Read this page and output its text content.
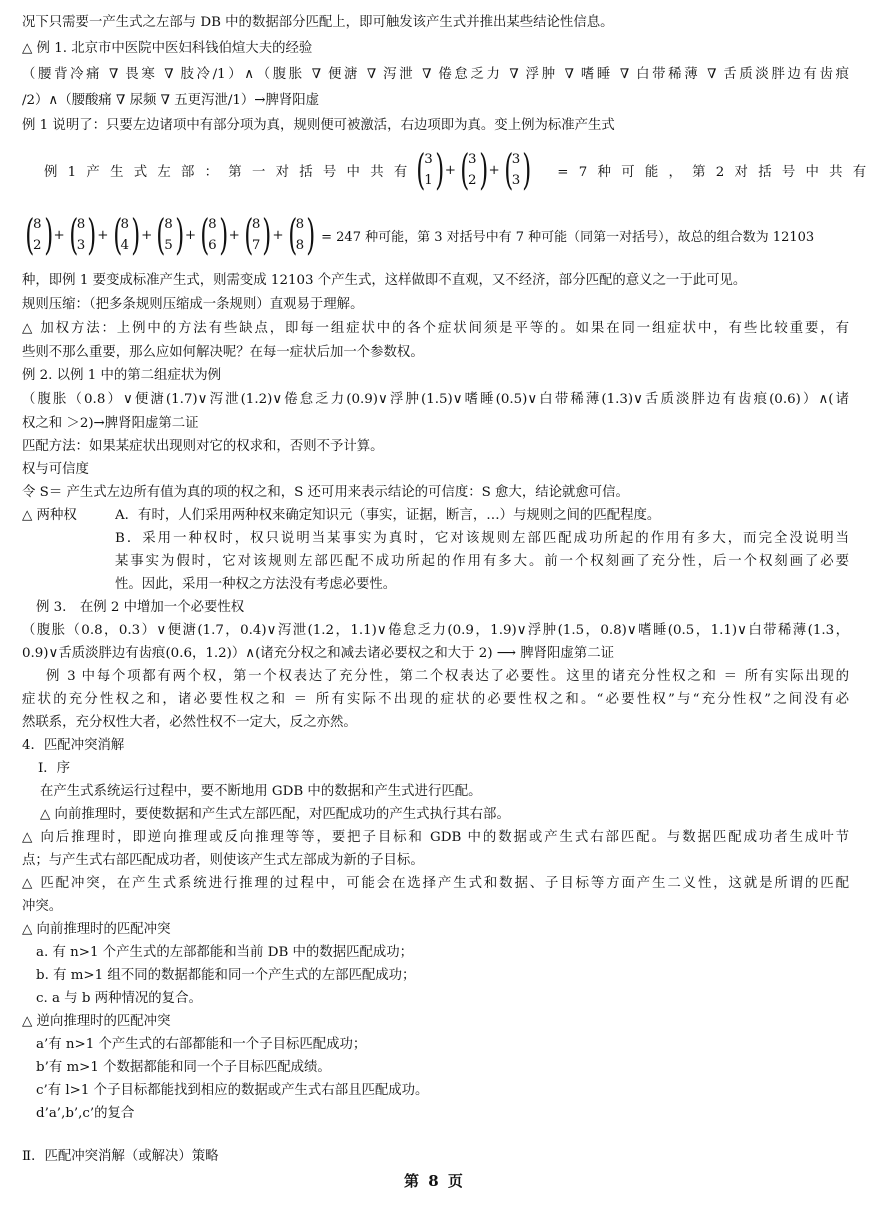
况下只需要一产生式之左部与 DB 中的数据部分匹配上，即可触发该产生式并推出某些结论性信息。
△ 例 1. 北京市中医院中医妇科钱伯煊大夫的经验
（腰背冷痛 ∇ 畏寒 ∇ 肢冷/1）∧（腹胀 ∇ 便溏 ∇ 泻泄 ∇ 倦怠乏力 ∇ 浮肿 ∇ 嗜睡 ∇ 白带稀薄 ∇ 舌质淡胖边有齿痕
/2）∧（腰酸痛 ∇ 尿频 ∇ 五更泻泄/1）→脾肾阳虚
例 1 说明了：只要左边诸项中有部分项为真，规则便可被激活，右边项即为真。变上例为标准产生式
例 1 产 生 式 左 部 ： 第 一 对 括 号 中 共 有 (
3
1 ) + (
3
2 ) + (
3
3 ) = 7 种 可 能 ， 第 2 对 括 号 中 共 有
(
8
2 ) + (
8
3 ) + (
8
4 ) + (
8
5 ) + (
8
6 ) + (
8
7 ) + (
8
8 ) = 247 种可能，第 3 对括号中有 7 种可能（同第一对括号），故总的组合数为 12103
种，即例 1 要变成标准产生式，则需变成 12103 个产生式，这样做即不直观，又不经济，部分匹配的意义之一于此可见。
规则压缩：（把多条规则压缩成一条规则）直观易于理解。
△ 加权方法：上例中的方法有些缺点，即每一组症状中的各个症状间须是平等的。如果在同一组症状中，有些比较重要，有
些则不那么重要，那么应如何解决呢？在每一症状后加一个参数权。
例 2. 以例 1 中的第二组症状为例
（腹胀（0.8）∨便溏(1.7)∨泻泄(1.2)∨倦怠乏力(0.9)∨浮肿(1.5)∨嗜睡(0.5)∨白带稀薄(1.3)∨舌质淡胖边有齿痕(0.6)）∧(诸
权之和 ＞2)→脾肾阳虚第二证
匹配方法：如果某症状出现则对它的权求和，否则不予计算。
权与可信度
令 S＝ 产生式左边所有值为真的项的权之和，S 还可用来表示结论的可信度：S 愈大，结论就愈可信。
△ 两种权	A．有时，人们采用两种权来确定知识元（事实，证据，断言，…）与规则之间的匹配程度。
B．采用一种权时，权只说明当某事实为真时，它对该规则左部匹配成功所起的作用有多大，而完全没说明当
某事实为假时，它对该规则左部匹配不成功所起的作用有多大。前一个权刻画了充分性，后一个权刻画了必要
性。因此，采用一种权之方法没有考虑必要性。
例 3.　在例 2 中增加一个必要性权
（腹胀（0.8，0.3）∨便溏(1.7，0.4)∨泻泄(1.2，1.1)∨倦怠乏力(0.9，1.9)∨浮肿(1.5，0.8)∨嗜睡(0.5，1.1)∨白带稀薄(1.3，
0.9)∨舌质淡胖边有齿痕(0.6，1.2)）∧(诸充分权之和减去诸必要权之和大于 2) ⟶ 脾肾阳虚第二证
例 3 中每个项都有两个权，第一个权表达了充分性，第二个权表达了必要性。这里的诸充分性权之和 ＝ 所有实际出现的
症状的充分性权之和，诸必要性权之和 ＝ 所有实际不出现的症状的必要性权之和。“必要性权”与“充分性权”之间没有必
然联系，充分权性大者，必然性权不一定大，反之亦然。
4．匹配冲突消解
Ⅰ．序
在产生式系统运行过程中，要不断地用 GDB 中的数据和产生式进行匹配。
△ 向前推理时，要使数据和产生式左部匹配，对匹配成功的产生式执行其右部。
△ 向后推理时，即逆向推理或反向推理等等，要把子目标和 GDB 中的数据或产生式右部匹配。与数据匹配成功者生成叶节
点；与产生式右部匹配成功者，则使该产生式左部成为新的子目标。
△ 匹配冲突，在产生式系统进行推理的过程中，可能会在选择产生式和数据、子目标等方面产生二义性，这就是所谓的匹配
冲突。
△ 向前推理时的匹配冲突
a. 有 n>1 个产生式的左部都能和当前 DB 中的数据匹配成功；
b. 有 m>1 组不同的数据都能和同一个产生式的左部匹配成功；
c. a 与 b 两种情况的复合。
△ 逆向推理时的匹配冲突
a’有 n>1 个产生式的右部都能和一个子目标匹配成功；
b’有 m>1 个数据都能和同一个子目标匹配成绩。
c’有 l>1 个子目标都能找到相应的数据或产生式右部且匹配成功。
d’a’,b’,c’的复合
Ⅱ．匹配冲突消解（或解决）策略
第 8 页
